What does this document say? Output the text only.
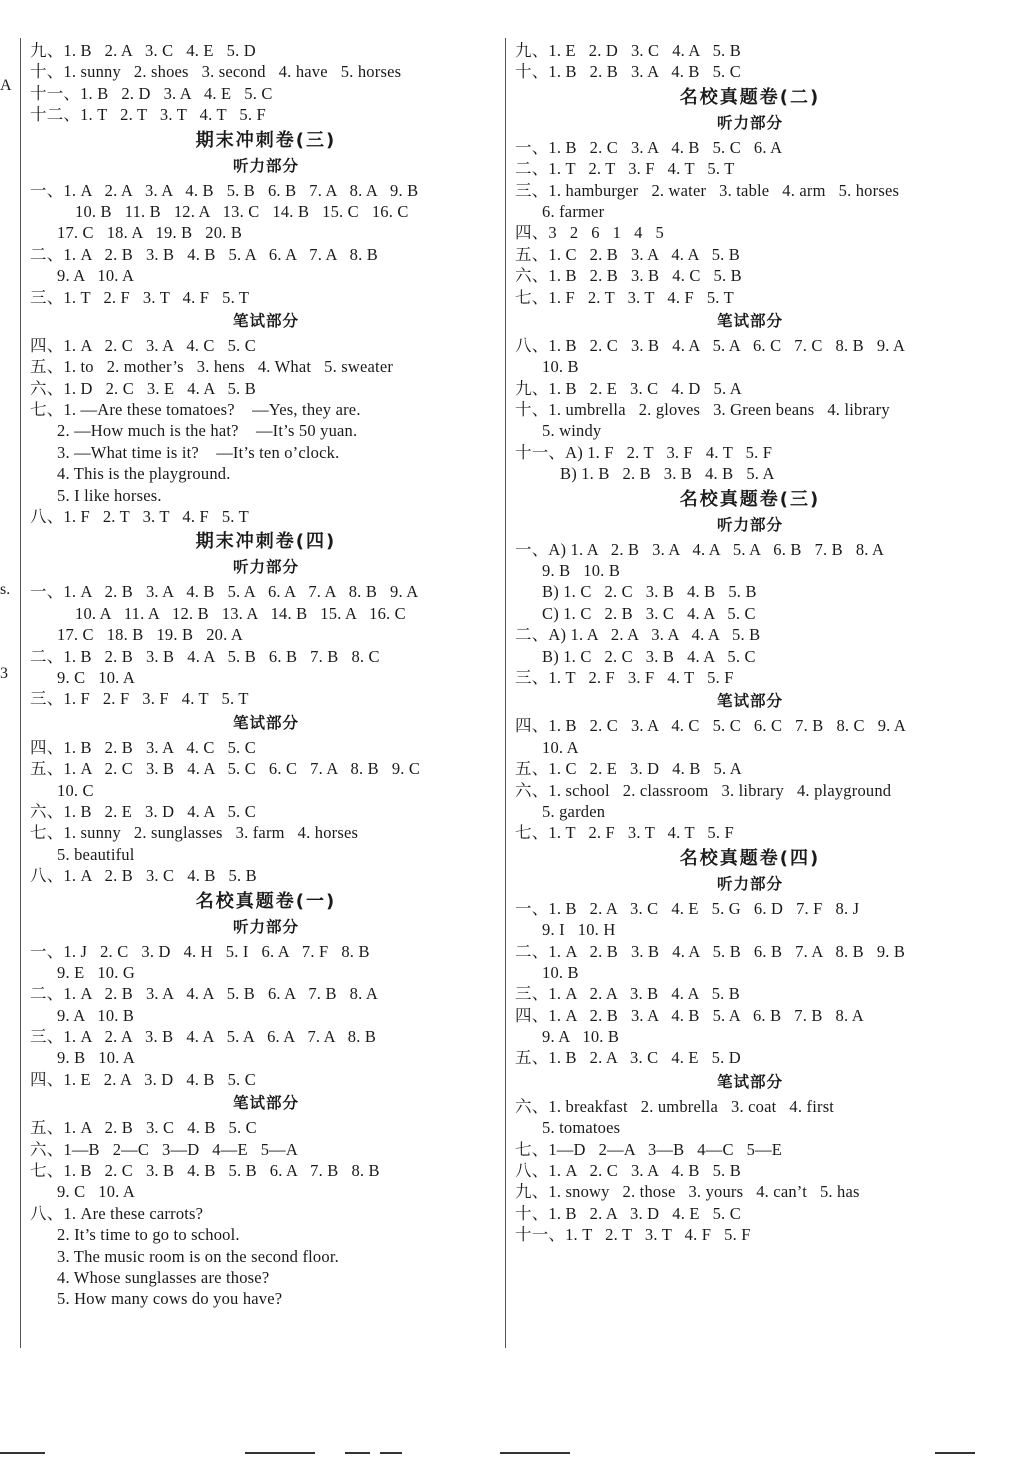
A
s.
3
九、1. B   2. A   3. C   4. E   5. D
十、1. sunny   2. shoes   3. second   4. have   5. horses
十一、1. B   2. D   3. A   4. E   5. C
十二、1. T   2. T   3. T   4. T   5. F
期末冲刺卷(三)
听力部分
一、1. A   2. A   3. A   4. B   5. B   6. B   7. A   8. A   9. B
10. B   11. B   12. A   13. C   14. B   15. C   16. C
17. C   18. A   19. B   20. B
二、1. A   2. B   3. B   4. B   5. A   6. A   7. A   8. B
9. A   10. A
三、1. T   2. F   3. T   4. F   5. T
笔试部分
四、1. A   2. C   3. A   4. C   5. C
五、1. to   2. mother’s   3. hens   4. What   5. sweater
六、1. D   2. C   3. E   4. A   5. B
七、1. —Are these tomatoes?    —Yes, they are.
2. —How much is the hat?    —It’s 50 yuan.
3. —What time is it?    —It’s ten o’clock.
4. This is the playground.
5. I like horses.
八、1. F   2. T   3. T   4. F   5. T
期末冲刺卷(四)
听力部分
一、1. A   2. B   3. A   4. B   5. A   6. A   7. A   8. B   9. A
10. A   11. A   12. B   13. A   14. B   15. A   16. C
17. C   18. B   19. B   20. A
二、1. B   2. B   3. B   4. A   5. B   6. B   7. B   8. C
9. C   10. A
三、1. F   2. F   3. F   4. T   5. T
笔试部分
四、1. B   2. B   3. A   4. C   5. C
五、1. A   2. C   3. B   4. A   5. C   6. C   7. A   8. B   9. C
10. C
六、1. B   2. E   3. D   4. A   5. C
七、1. sunny   2. sunglasses   3. farm   4. horses
5. beautiful
八、1. A   2. B   3. C   4. B   5. B
名校真题卷(一)
听力部分
一、1. J   2. C   3. D   4. H   5. I   6. A   7. F   8. B
9. E   10. G
二、1. A   2. B   3. A   4. A   5. B   6. A   7. B   8. A
9. A   10. B
三、1. A   2. A   3. B   4. A   5. A   6. A   7. A   8. B
9. B   10. A
四、1. E   2. A   3. D   4. B   5. C
笔试部分
五、1. A   2. B   3. C   4. B   5. C
六、1—B   2—C   3—D   4—E   5—A
七、1. B   2. C   3. B   4. B   5. B   6. A   7. B   8. B
9. C   10. A
八、1. Are these carrots?
2. It’s time to go to school.
3. The music room is on the second floor.
4. Whose sunglasses are those?
5. How many cows do you have?
九、1. E   2. D   3. C   4. A   5. B
十、1. B   2. B   3. A   4. B   5. C
名校真题卷(二)
听力部分
一、1. B   2. C   3. A   4. B   5. C   6. A
二、1. T   2. T   3. F   4. T   5. T
三、1. hamburger   2. water   3. table   4. arm   5. horses
6. farmer
四、3   2   6   1   4   5
五、1. C   2. B   3. A   4. A   5. B
六、1. B   2. B   3. B   4. C   5. B
七、1. F   2. T   3. T   4. F   5. T
笔试部分
八、1. B   2. C   3. B   4. A   5. A   6. C   7. C   8. B   9. A
10. B
九、1. B   2. E   3. C   4. D   5. A
十、1. umbrella   2. gloves   3. Green beans   4. library
5. windy
十一、A) 1. F   2. T   3. F   4. T   5. F
B) 1. B   2. B   3. B   4. B   5. A
名校真题卷(三)
听力部分
一、A) 1. A   2. B   3. A   4. A   5. A   6. B   7. B   8. A
9. B   10. B
B) 1. C   2. C   3. B   4. B   5. B
C) 1. C   2. B   3. C   4. A   5. C
二、A) 1. A   2. A   3. A   4. A   5. B
B) 1. C   2. C   3. B   4. A   5. C
三、1. T   2. F   3. F   4. T   5. F
笔试部分
四、1. B   2. C   3. A   4. C   5. C   6. C   7. B   8. C   9. A
10. A
五、1. C   2. E   3. D   4. B   5. A
六、1. school   2. classroom   3. library   4. playground
5. garden
七、1. T   2. F   3. T   4. T   5. F
名校真题卷(四)
听力部分
一、1. B   2. A   3. C   4. E   5. G   6. D   7. F   8. J
9. I   10. H
二、1. A   2. B   3. B   4. A   5. B   6. B   7. A   8. B   9. B
10. B
三、1. A   2. A   3. B   4. A   5. B
四、1. A   2. B   3. A   4. B   5. A   6. B   7. B   8. A
9. A   10. B
五、1. B   2. A   3. C   4. E   5. D
笔试部分
六、1. breakfast   2. umbrella   3. coat   4. first
5. tomatoes
七、1—D   2—A   3—B   4—C   5—E
八、1. A   2. C   3. A   4. B   5. B
九、1. snowy   2. those   3. yours   4. can’t   5. has
十、1. B   2. A   3. D   4. E   5. C
十一、1. T   2. T   3. T   4. F   5. F
